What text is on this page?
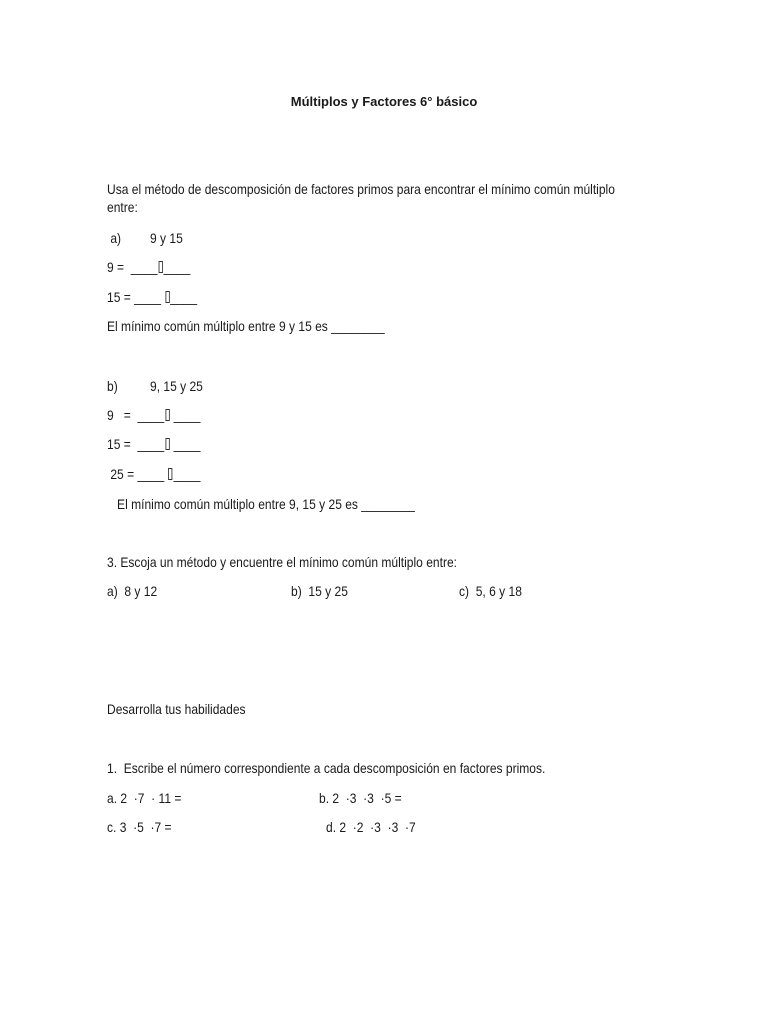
Múltiplos y Factores 6° básico
Usa el método de descomposición de factores primos para encontrar el mínimo común múltiplo
entre:
a) 9 y 15
9 =  ____ ____
15 = ____ ____
El mínimo común múltiplo entre 9 y 15 es ________
b) 9, 15 y 25
9   =  ____ ____
15 =  ____ ____
25 = ____ ____
El mínimo común múltiplo entre 9, 15 y 25 es ________
3. Escoja un método y encuentre el mínimo común múltiplo entre:
a)  8 y 12	b)  15 y 25	c)  5, 6 y 18
Desarrolla tus habilidades
1.  Escribe el número correspondiente a cada descomposición en factores primos.
a. 2  ·7  · 11 =	b. 2  ·3  ·3  ·5 =
c. 3  ·5  ·7 =	d. 2  ·2  ·3  ·3  ·7
